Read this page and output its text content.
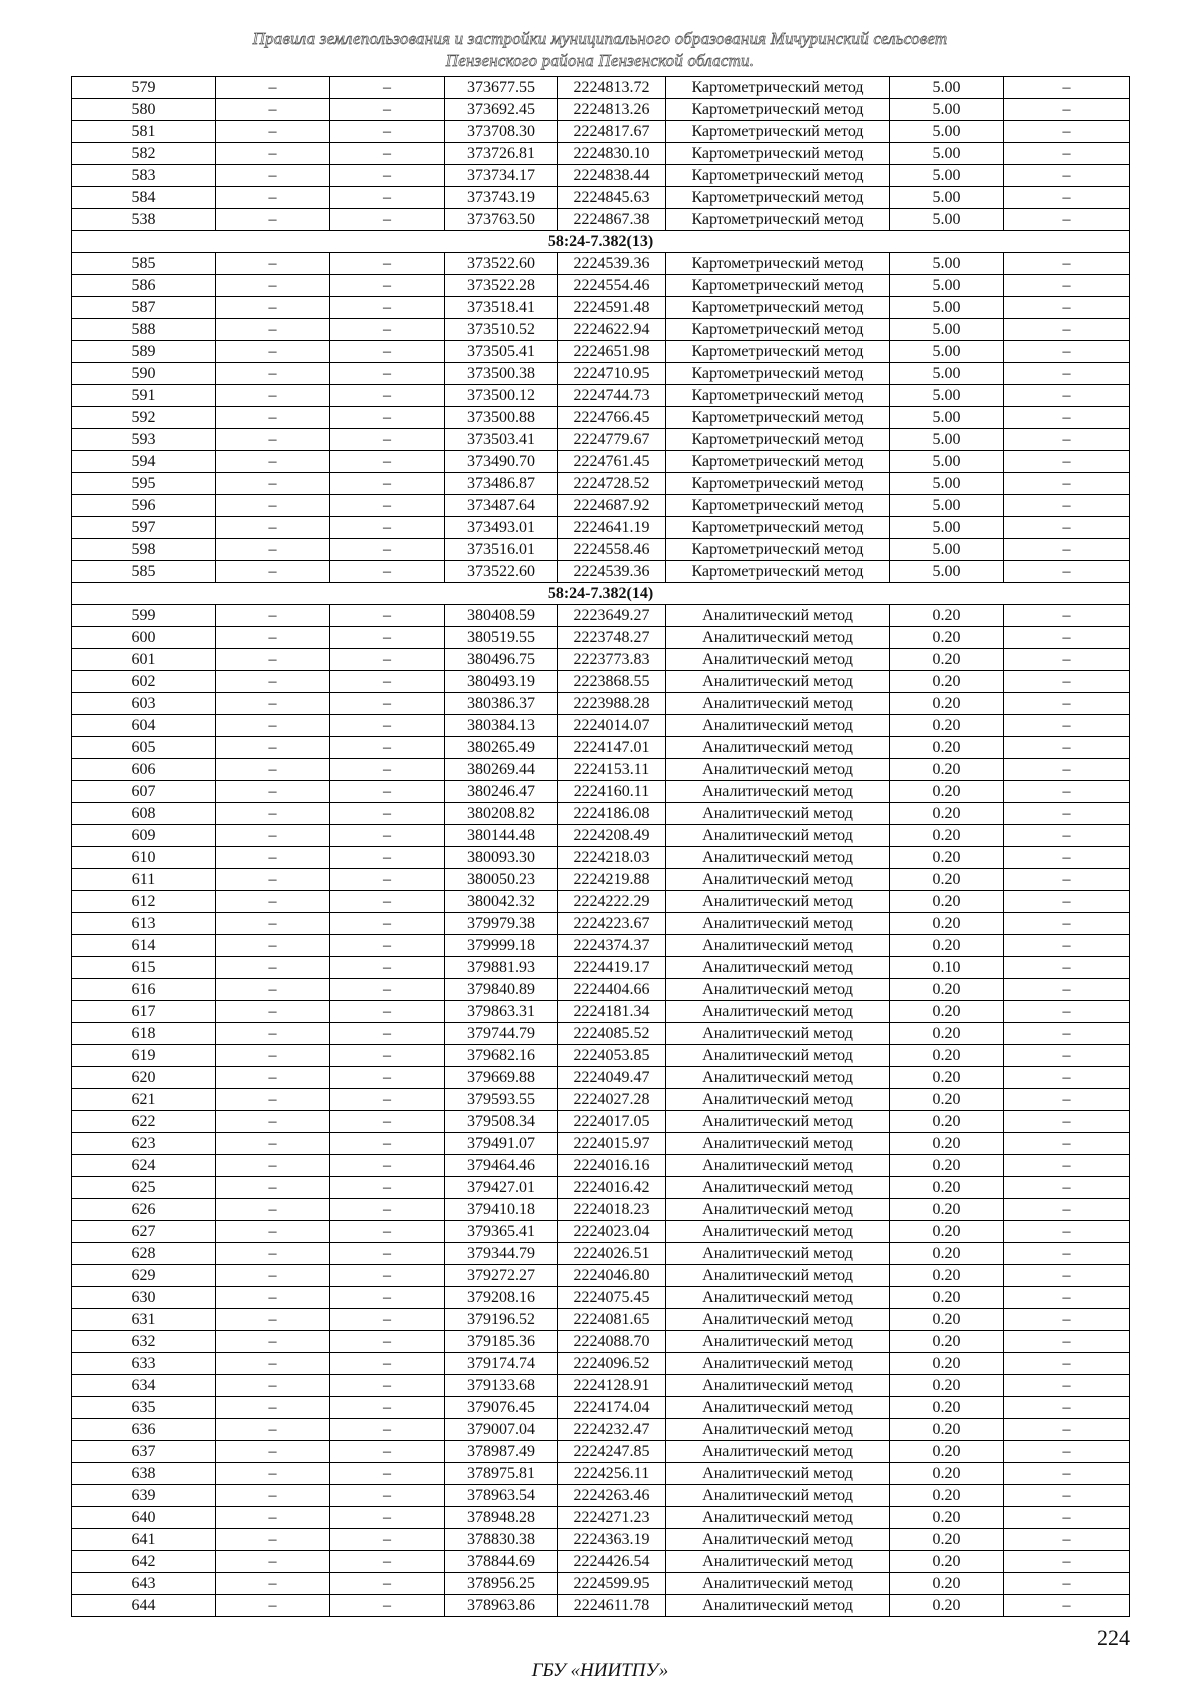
Правила землепользования и застройки муниципального образования Мичуринский сельсовет
Пензенского района Пензенской области.
579	–	–	373677.55	2224813.72	Картометрический метод	5.00	–
580	–	–	373692.45	2224813.26	Картометрический метод	5.00	–
581	–	–	373708.30	2224817.67	Картометрический метод	5.00	–
582	–	–	373726.81	2224830.10	Картометрический метод	5.00	–
583	–	–	373734.17	2224838.44	Картометрический метод	5.00	–
584	–	–	373743.19	2224845.63	Картометрический метод	5.00	–
538	–	–	373763.50	2224867.38	Картометрический метод	5.00	–
58:24-7.382(13)							
585	–	–	373522.60	2224539.36	Картометрический метод	5.00	–
586	–	–	373522.28	2224554.46	Картометрический метод	5.00	–
587	–	–	373518.41	2224591.48	Картометрический метод	5.00	–
588	–	–	373510.52	2224622.94	Картометрический метод	5.00	–
589	–	–	373505.41	2224651.98	Картометрический метод	5.00	–
590	–	–	373500.38	2224710.95	Картометрический метод	5.00	–
591	–	–	373500.12	2224744.73	Картометрический метод	5.00	–
592	–	–	373500.88	2224766.45	Картометрический метод	5.00	–
593	–	–	373503.41	2224779.67	Картометрический метод	5.00	–
594	–	–	373490.70	2224761.45	Картометрический метод	5.00	–
595	–	–	373486.87	2224728.52	Картометрический метод	5.00	–
596	–	–	373487.64	2224687.92	Картометрический метод	5.00	–
597	–	–	373493.01	2224641.19	Картометрический метод	5.00	–
598	–	–	373516.01	2224558.46	Картометрический метод	5.00	–
585	–	–	373522.60	2224539.36	Картометрический метод	5.00	–
58:24-7.382(14)							
599	–	–	380408.59	2223649.27	Аналитический метод	0.20	–
600	–	–	380519.55	2223748.27	Аналитический метод	0.20	–
601	–	–	380496.75	2223773.83	Аналитический метод	0.20	–
602	–	–	380493.19	2223868.55	Аналитический метод	0.20	–
603	–	–	380386.37	2223988.28	Аналитический метод	0.20	–
604	–	–	380384.13	2224014.07	Аналитический метод	0.20	–
605	–	–	380265.49	2224147.01	Аналитический метод	0.20	–
606	–	–	380269.44	2224153.11	Аналитический метод	0.20	–
607	–	–	380246.47	2224160.11	Аналитический метод	0.20	–
608	–	–	380208.82	2224186.08	Аналитический метод	0.20	–
609	–	–	380144.48	2224208.49	Аналитический метод	0.20	–
610	–	–	380093.30	2224218.03	Аналитический метод	0.20	–
611	–	–	380050.23	2224219.88	Аналитический метод	0.20	–
612	–	–	380042.32	2224222.29	Аналитический метод	0.20	–
613	–	–	379979.38	2224223.67	Аналитический метод	0.20	–
614	–	–	379999.18	2224374.37	Аналитический метод	0.20	–
615	–	–	379881.93	2224419.17	Аналитический метод	0.10	–
616	–	–	379840.89	2224404.66	Аналитический метод	0.20	–
617	–	–	379863.31	2224181.34	Аналитический метод	0.20	–
618	–	–	379744.79	2224085.52	Аналитический метод	0.20	–
619	–	–	379682.16	2224053.85	Аналитический метод	0.20	–
620	–	–	379669.88	2224049.47	Аналитический метод	0.20	–
621	–	–	379593.55	2224027.28	Аналитический метод	0.20	–
622	–	–	379508.34	2224017.05	Аналитический метод	0.20	–
623	–	–	379491.07	2224015.97	Аналитический метод	0.20	–
624	–	–	379464.46	2224016.16	Аналитический метод	0.20	–
625	–	–	379427.01	2224016.42	Аналитический метод	0.20	–
626	–	–	379410.18	2224018.23	Аналитический метод	0.20	–
627	–	–	379365.41	2224023.04	Аналитический метод	0.20	–
628	–	–	379344.79	2224026.51	Аналитический метод	0.20	–
629	–	–	379272.27	2224046.80	Аналитический метод	0.20	–
630	–	–	379208.16	2224075.45	Аналитический метод	0.20	–
631	–	–	379196.52	2224081.65	Аналитический метод	0.20	–
632	–	–	379185.36	2224088.70	Аналитический метод	0.20	–
633	–	–	379174.74	2224096.52	Аналитический метод	0.20	–
634	–	–	379133.68	2224128.91	Аналитический метод	0.20	–
635	–	–	379076.45	2224174.04	Аналитический метод	0.20	–
636	–	–	379007.04	2224232.47	Аналитический метод	0.20	–
637	–	–	378987.49	2224247.85	Аналитический метод	0.20	–
638	–	–	378975.81	2224256.11	Аналитический метод	0.20	–
639	–	–	378963.54	2224263.46	Аналитический метод	0.20	–
640	–	–	378948.28	2224271.23	Аналитический метод	0.20	–
641	–	–	378830.38	2224363.19	Аналитический метод	0.20	–
642	–	–	378844.69	2224426.54	Аналитический метод	0.20	–
643	–	–	378956.25	2224599.95	Аналитический метод	0.20	–
644	–	–	378963.86	2224611.78	Аналитический метод	0.20	–
224
ГБУ «НИИТПУ»
